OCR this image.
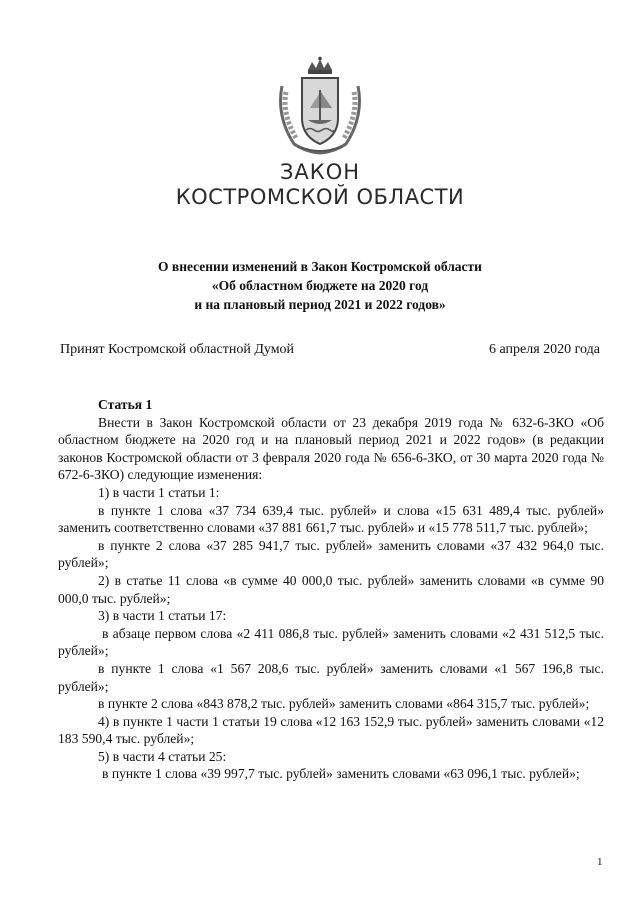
ЗАКОН
КОСТРОМСКОЙ ОБЛАСТИ
О внесении изменений в Закон Костромской области
«Об областном бюджете на 2020 год
и на плановый период 2021 и 2022 годов»
Принят Костромской областной Думой	6 апреля 2020 года

Статья 1

Внести в Закон Костромской области от 23 декабря 2019 года № 632-6-ЗКО «Об областном бюджете на 2020 год и на плановый период 2021 и 2022 годов» (в редакции законов Костромской области от 3 февраля 2020 года № 656-6-ЗКО, от 30 марта 2020 года № 672-6-ЗКО) следующие изменения:

1) в части 1 статьи 1:

в пункте 1 слова «37 734 639,4 тыс. рублей» и слова «15 631 489,4 тыс. рублей» заменить соответственно словами «37 881 661,7 тыс. рублей» и «15 778 511,7 тыс. рублей»;

в пункте 2 слова «37 285 941,7 тыс. рублей» заменить словами «37 432 964,0 тыс. рублей»;

2) в статье 11 слова «в сумме 40 000,0 тыс. рублей» заменить словами «в сумме 90 000,0 тыс. рублей»;

3) в части 1 статьи 17:

в абзаце первом слова «2 411 086,8 тыс. рублей» заменить словами «2 431 512,5 тыс. рублей»;

в пункте 1 слова «1 567 208,6 тыс. рублей» заменить словами «1 567 196,8 тыс. рублей»;

в пункте 2 слова «843 878,2 тыс. рублей» заменить словами «864 315,7 тыс. рублей»;

4) в пункте 1 части 1 статьи 19 слова «12 163 152,9 тыс. рублей» заменить словами «12 183 590,4 тыс. рублей»;

5) в части 4 статьи 25:

в пункте 1 слова «39 997,7 тыс. рублей» заменить словами «63 096,1 тыс. рублей»;

1
